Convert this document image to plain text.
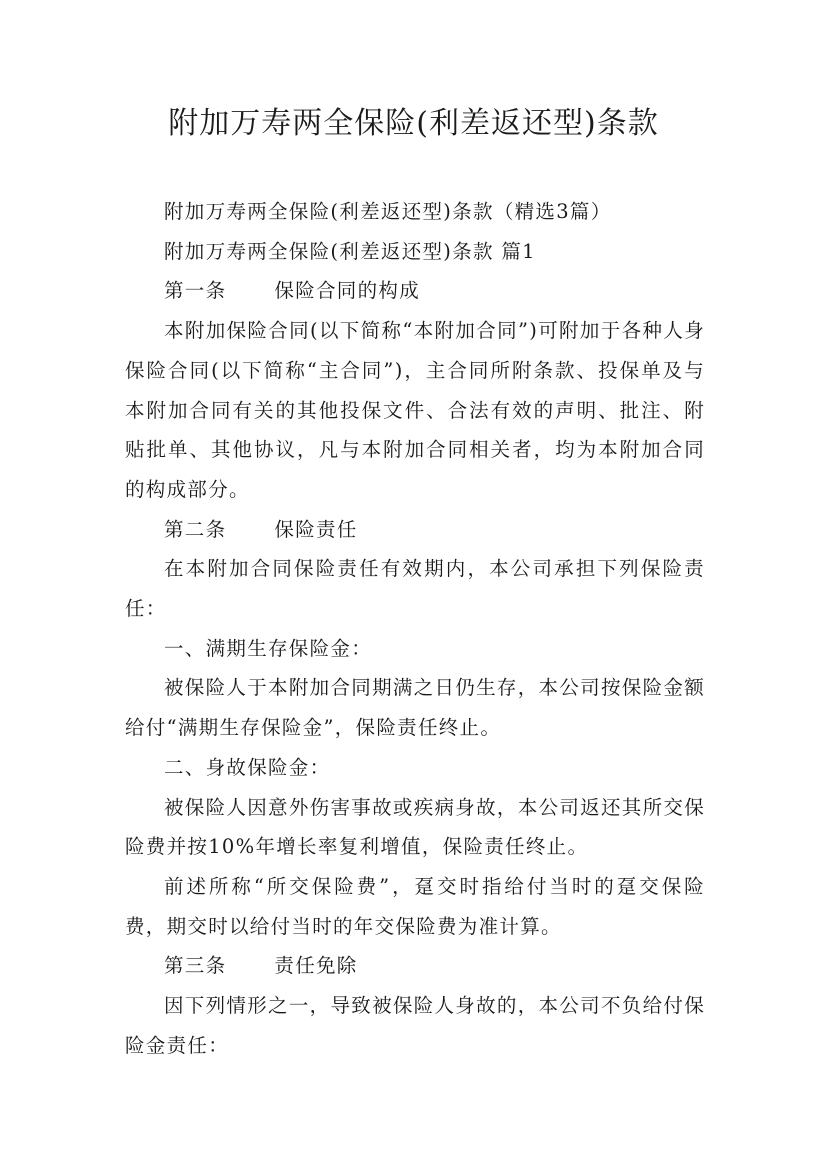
附加万寿两全保险(利差返还型)条款

附加万寿两全保险(利差返还型)条款（精选3篇）

附加万寿两全保险(利差返还型)条款 篇1

第一条 保险合同的构成

本附加保险合同(以下简称“本附加合同”)可附加于各种人身保险合同(以下简称“主合同”)，主合同所附条款、投保单及与本附加合同有关的其他投保文件、合法有效的声明、批注、附贴批单、其他协议，凡与本附加合同相关者，均为本附加合同的构成部分。

第二条 保险责任

在本附加合同保险责任有效期内，本公司承担下列保险责任：

一、满期生存保险金：

被保险人于本附加合同期满之日仍生存，本公司按保险金额给付“满期生存保险金”，保险责任终止。

二、身故保险金：

被保险人因意外伤害事故或疾病身故，本公司返还其所交保险费并按10%年增长率复利增值，保险责任终止。

前述所称“所交保险费”，趸交时指给付当时的趸交保险费，期交时以给付当时的年交保险费为准计算。

第三条 责任免除

因下列情形之一，导致被保险人身故的，本公司不负给付保险金责任：
